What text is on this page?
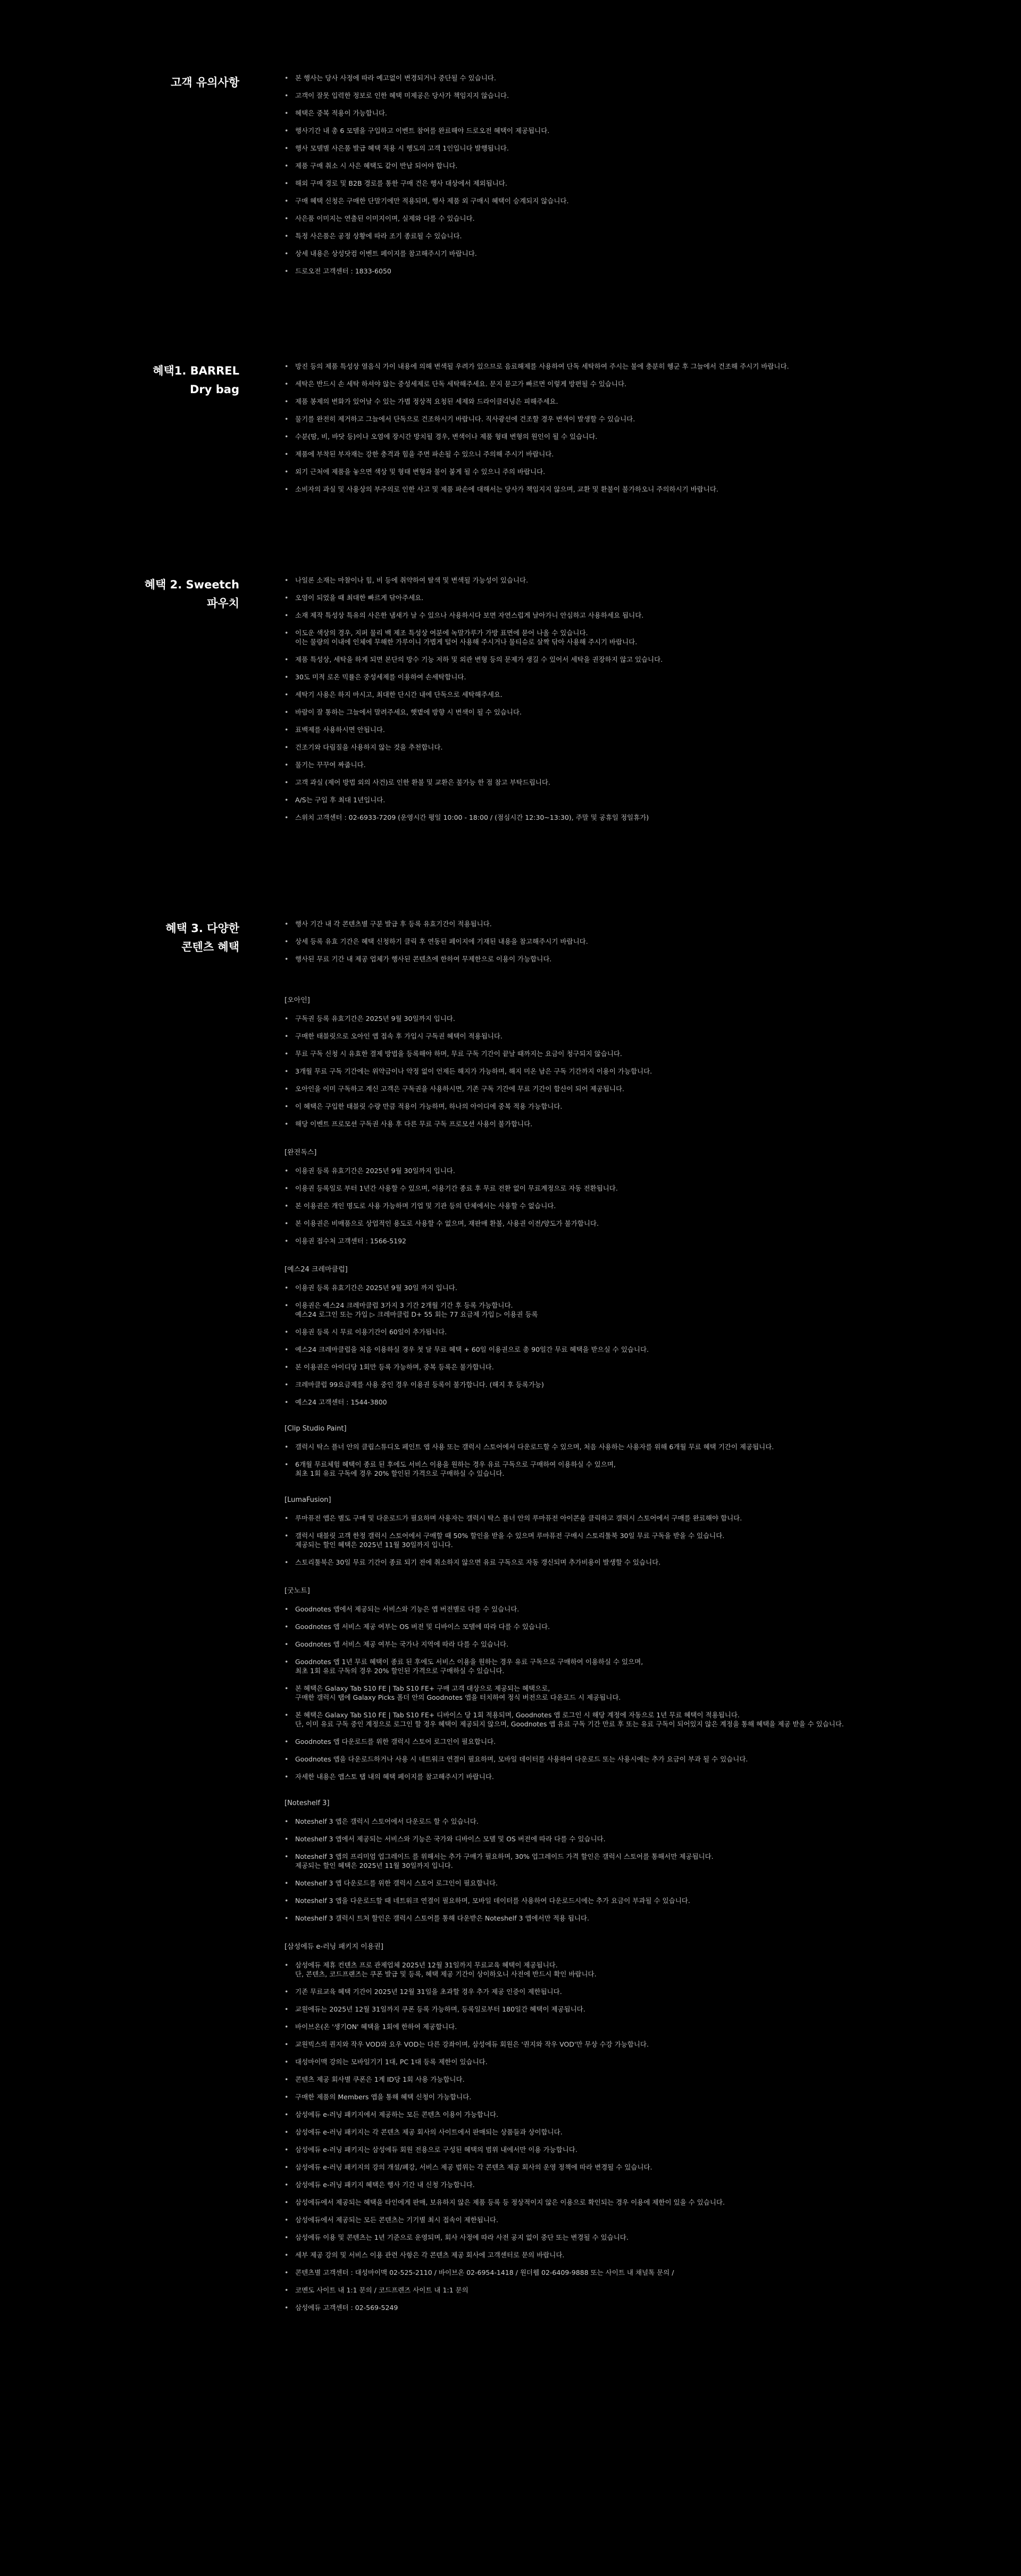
고객 유의사항
•	본 행사는 당사 사정에 따라 예고없이 변경되거나 중단될 수 있습니다.
• 고객이 잘못 입력한 정보로 인한 혜택 미제공은 당사가 책임지지 않습니다.
• 혜택은 중복 적용이 가능합니다.
• 행사기간 내 총 6 모델을 구입하고 이벤트 참여를 완료해야 드로오전 혜택이 제공됩니다.
• 행사 모델별 사은품 발급 혜택 적용 시 행도의 고객 1인입니다 발행됩니다.
• 제품 구매 취소 시 사은 혜택도 같이 반납 되어야 합니다.
• 해외 구매 경로 및 B2B 경로를 통한 구매 건은 행사 대상에서 제외됩니다.
• 구매 혜택 신청은 구매한 단말기에만 적용되며, 행사 제품 외 구매시 혜택이 승계되지 않습니다.
• 사은품 이미지는 연출된 이미지이며, 실제와 다를 수 있습니다.
• 특정 사은품은 공정 상황에 따라 조기 종료될 수 있습니다.
• 상세 내용은 상성닷컴 이벤트 페이지를 참고해주시기 바랍니다.
• 드로오전 고객센터 : 1833-6050
혜택1. BARREL
Dry bag
• 방진 등의 제품 특성상 열음식 가이 내용에 의해 변색될 우려가 있으므로 음료해제를 사용하여 단독 세탁하여 주시는 불에 충분히 헹군 후 그늘에서 건조해 주시기 바랍니다.
• 세탁은 반드시 손 세탁 하셔야 않는 중성세제로 단독 세탁해주세요. 문지 묻고가 빠르면 이렇게 방편될 수 있습니다.
• 제품 봉제의 변화가 있어날 수 있는 가볍 정상적 요청된 세제와 드라이클리닝은 피해주세요.
• 물기를 완전히 제거하고 그늘에서 단독으로 건조하시기 바랍니다. 직사광선에 건조할 경우 변색이 발생할 수 있습니다.
• 수분(땀, 비, 바닷 등)이나 오염에 장시간 방치될 경우, 변색이나 제품 형태 변형의 원인이 될 수 있습니다.
• 제품에 부착된 부자재는 강한 충격과 힘을 주면 파손될 수 있으니 주의해 주시기 바랍니다.
• 외기 근처에 제품을 놓으면 색상 및 형태 변형과 불이 붙게 될 수 있으니 주의 바랍니다.
• 소비자의 과실 및 사용상의 부주의로 인한 사고 및 제품 파손에 대해서는 당사가 책임지지 않으며, 교환 및 환불이 불가하오니 주의하시기 바랍니다.
혜택 2. Sweetch
파우치
• 나일론 소재는 마찰이나 힘, 비 등에 취약하여 탈색 및 변색될 가능성이 있습니다.
• 오염이 되었을 때 최대한 빠르게 닦아주세요.
• 소재 제작 특성상 특유의 사은한 냄새가 날 수 있으나 사용하시다 보면 자연스럽게 날아가니 안심하고 사용하세요 됩니다.
• 이도운 색상의 경우, 지퍼 물리 백 제조 특성상 여분에 녹말가루가 가방 표면에 묻어 나올 수 있습니다.
이는 물량의 이내에 인체에 무해한 가루이니 가볍게 털어 사용해 주시거나 물티슈로 살짝 닦아 사용해 주시기 바랍니다.
• 제품 특성상, 세탁을 하게 되면 본단의 방수 기능 저하 및 외관 변형 등의 문제가 생길 수 있어서 세탁을 권장하지 않고 있습니다.
• 30도 미적 로온 믹률은 중성세제를 이용하여 손세탁합니다.
• 세탁기 사용은 하지 마시고, 최대한 단시간 내에 단독으로 세탁해주세요.
• 바람이 잘 통하는 그늘에서 말려주세요, 햇볕에 방향 시 변색이 될 수 있습니다.
• 표백제를 사용하시면 안됩니다.
• 건조기와 다림질을 사용하지 않는 것을 추천합니다.
• 물기는 꾸꾸여 짜줍니다.
• 고객 과실 (제어 방법 외의 사건)로 인한 환불 및 교환은 불가능 한 점 참고 부탁드립니다.
• A/S는 구입 후 최대 1년입니다.
• 스위치 고객센터 : 02-6933-7209 (운영시간 평일 10:00 - 18:00 / (점심시간 12:30~13:30), 주말 및 공휴일 정일휴가)
혜택 3. 다양한
콘텐츠 혜택
• 행사 기간 내 각 콘텐츠별 구분 발급 후 등록 유효기간이 적용됩니다.
• 상세 등록 유효 기간은 혜택 신청하기 클릭 후 연동된 페이지에 기재된 내용을 참고해주시기 바랍니다.
• 행사된 무료 기간 내 제공 업체가 행사된 콘텐츠에 한하여 무제한으로 이용이 가능합니다.
[오아인]
• 구독권 등록 유효기간은 2025년 9월 30일까지 입니다.
• 구매한 태블릿으로 오아인 앱 접속 후 가입시 구독권 혜택이 적용됩니다.
• 무료 구독 신청 시 유효한 결제 방법을 등록해야 하며, 무료 구독 기간이 끝날 때까지는 요금이 청구되지 않습니다.
• 3개월 무료 구독 기간에는 위약금이나 약정 없이 언제든 해지가 가능하며, 해지 미온 남은 구독 기간까지 이용이 가능합니다.
• 오아인을 이미 구독하고 계신 고객은 구독권을 사용하시면, 기존 구독 기간에 무료 기간이 합산이 되어 제공됩니다.
• 이 혜택은 구입한 태블릿 수량 만큼 적용이 가능하며, 하나의 아이디에 중복 적용 가능합니다.
• 해당 이벤트 프로모션 구독권 사용 후 다른 무료 구독 프로모션 사용이 불가합니다.
[완전독스]
• 이용권 등록 유효기간은 2025년 9월 30일까지 입니다.
• 이용권 등록일로 부터 1년간 사용할 수 있으며, 이용기간 종료 후 무료 전환 없이 무료계정으로 자동 전환됩니다.
• 본 이용권은 개인 명도로 사용 가능하며 기업 및 기관 등의 단체에서는 사용할 수 없습니다.
• 본 이용권은 비매품으로 상업적인 용도로 사용할 수 없으며, 재판매 환불, 사용권 이전/양도가 불가합니다.
• 이용권 접수처 고객센터 : 1566-5192
[예스24 크레마클럽]
• 이용권 등록 유효기간은 2025년 9월 30일 까지 입니다.
• 이용권은 예스24 크레마클럽 3가지 3 기간 2개월 기간 후 등록 가능합니다.
예스24 로그인 또는 가입 ▷ 크레마클럽 D+ 55 회는 77 요금제 가입 ▷ 이용권 등록
• 이용권 등록 시 무료 이용기간이 60일이 추가됩니다.
• 예스24 크레마클럽을 처음 이용하실 경우 첫 달 무료 혜택 + 60일 이용권으로 총 90일간 무료 혜택을 받으실 수 있습니다.
• 본 이용권은 아이디당 1회만 등록 가능하며, 중복 등록은 불가합니다.
• 크레마클럽 99요금제를 사용 중인 경우 이용권 등록이 불가합니다. (해지 후 등록가능)
• 예스24 고객센터 : 1544-3800
[Clip Studio Paint]
• 갤럭시 탁스 플너 안의 클립스튜디오 페인트 앱 사용 또는 갤럭시 스토어에서 다운로드할 수 있으며, 처음 사용하는 사용자를 위해 6개월 무료 혜택 기간이 제공됩니다.
• 6개월 무료체험 혜택이 종료 된 후에도 서비스 이용을 원하는 경우 유료 구독으로 구매하여 이용하실 수 있으며,
최초 1회 유료 구독에 경우 20% 할인된 가격으로 구매하실 수 있습니다.
[LumaFusion]
• 루마퓨전 앱은 별도 구매 및 다운로드가 필요하며 사용자는 갤럭시 탁스 플너 안의 루마퓨전 아이콘을 클릭하고 갤럭시 스토어에서 구매를 완료해야 합니다.
• 갤럭시 태블릿 고객 한정 갤럭시 스토어에서 구매할 때 50% 할인을 받을 수 있으며 루마퓨전 구매시 스토리툴북 30일 무료 구독을 받을 수 있습니다.
제공되는 할인 혜택은 2025년 11월 30일까지 입니다.
• 스토리툴북은 30일 무료 기간이 종료 되기 전에 취소하지 않으면 유료 구독으로 자동 갱신되며 추가비용이 발생할 수 있습니다.
[굿노트]
• Goodnotes 앱에서 제공되는 서비스와 기능은 앱 버전별로 다를 수 있습니다.
• Goodnotes 앱 서비스 제공 여부는 OS 버전 및 디바이스 모델에 따라 다를 수 있습니다.
• Goodnotes 앱 서비스 제공 여부는 국가나 지역에 따라 다를 수 있습니다.
• Goodnotes 앱 1년 무료 혜택이 종료 된 후에도 서비스 이용을 원하는 경우 유료 구독으로 구매하여 이용하실 수 있으며,
최초 1회 유료 구독의 경우 20% 할인된 가격으로 구매하실 수 있습니다.
• 본 혜택은 Galaxy Tab S10 FE | Tab S10 FE+ 구매 고객 대상으로 제공되는 혜택으로,
구매한 갤럭시 탭에 Galaxy Picks 폴더 안의 Goodnotes 앱을 터치하여 정식 버전으로 다운로드 시 제공됩니다.
• 본 혜택은 Galaxy Tab S10 FE | Tab S10 FE+ 디바이스 당 1회 적용되며, Goodnotes 앱 로그인 시 해당 계정에 자동으로 1년 무료 혜택이 적용됩니다.
단, 이미 유료 구독 중인 계정으로 로그인 할 경우 혜택이 제공되지 않으며, Goodnotes 앱 유료 구독 기간 만료 후 또는 유료 구독이 되어있지 않은 계정을 통해 혜택을 제공 받을 수 있습니다.
• Goodnotes 앱 다운로드를 위한 갤럭시 스토어 로그인이 필요합니다.
• Goodnotes 앱을 다운로드하거나 사용 시 네트워크 연결이 필요하며, 모바일 데이터를 사용하여 다운로드 또는 사용시에는 추가 요금이 부과 될 수 있습니다.
• 자세한 내용은 앱스토 탭 내의 혜택 페이지를 참고해주시기 바랍니다.
[Noteshelf 3]
• Noteshelf 3 앱은 갤럭시 스토어에서 다운로드 할 수 있습니다.
• Noteshelf 3 앱에서 제공되는 서비스와 기능은 국가와 디바이스 모델 및 OS 버전에 따라 다를 수 있습니다.
• Noteshelf 3 앱의 프리미엄 업그레이드 를 위해서는 추가 구매가 필요하며, 30% 업그레이드 가격 할인은 갤럭시 스토어를 통해서만 제공됩니다.
제공되는 할인 혜택은 2025년 11월 30일까지 입니다.
• Noteshelf 3 앱 다운로드를 위한 갤럭시 스토어 로그인이 필요합니다.
• Noteshelf 3 앱을 다운로드할 때 네트워크 연결이 필요하며, 모바일 데이터를 사용하여 다운로드시에는 추가 요금이 부과될 수 있습니다.
• Noteshelf 3 갤럭시 트처 할인은 갤럭시 스토어를 통해 다운받은 Noteshelf 3 앱에서만 적용 됩니다.
[삼성에듀 e-러닝 패키지 이용권]
• 삼성에듀 제휴 컨텐츠 프로 관제업체 2025년 12월 31일까지 무료교육 혜택이 제공됩니다.
단, 콘텐츠, 코드프랜즈는 쿠폰 발급 및 등록, 혜택 제공 기간이 상이하오니 사전에 반드시 확인 바랍니다.
• 기존 무료교육 혜택 기간이 2025년 12월 31일을 초과할 경우 추가 제공 인증이 제한됩니다.
• 교원에듀는 2025년 12월 31일까지 쿠폰 등록 가능하며, 등록일로부터 180일간 혜택이 제공됩니다.
• 바이브온(온 '생기ON' 혜택을 1회에 한하여 제공합니다.
• 교원빅스의 퀀지와 작우 VOD와 요우 VOD는 다른 강좌이며, 삼성에듀 회원은 '퀀지와 작우 VOD'만 무상 수강 가능합니다.
• 대성마이맥 강의는 모바일기기 1대, PC 1대 등록 제한이 있습니다.
• 콘텐츠 제공 회사별 쿠폰은 1계 ID당 1회 사용 가능합니다.
• 구매한 제품의 Members 앱을 통해 혜택 신청이 가능합니다.
• 삼성에듀 e-러닝 패키지에서 제공하는 모든 콘텐츠 이용이 가능합니다.
• 삼성에듀 e-러닝 패키지는 각 콘텐츠 제공 회사의 사이트에서 판매되는 상품들과 상이합니다.
• 삼성에듀 e-러닝 패키지는 삼성에듀 회원 전용으로 구성된 혜택의 범위 내에서만 이용 가능합니다.
• 삼성에듀 e-러닝 패키지의 강의 개설/폐강, 서비스 제공 범위는 각 콘텐츠 제공 회사의 운영 정책에 따라 변경될 수 있습니다.
• 삼성에듀 e-러닝 패키지 혜택은 행사 기간 내 신청 가능합니다.
• 삼성에듀에서 제공되는 혜택을 타인에게 판매, 보유하지 않은 제품 등록 등 정상적이지 않은 이용으로 확인되는 경우 이용에 제한이 있을 수 있습니다.
• 삼성에듀에서 제공되는 모든 콘텐츠는 기기별 최시 접속이 제한됩니다.
• 삼성에듀 이용 및 콘텐츠는 1년 기준으로 운영되며, 회사 사정에 따라 사전 공지 없이 중단 또는 변경될 수 있습니다.
• 세부 제공 강의 및 서비스 이용 관련 사항은 각 콘텐츠 제공 회사에 고객센터로 문의 바랍니다.
• 콘텐츠별 고객센터 : 대성마이맥 02-525-2110 / 바이브온 02-6954-1418 / 원더웹 02-6409-9888 또는 사이트 내 채널톡 문의 /
• 코멘도 사이트 내 1:1 문의 / 코드프렌즈 사이트 내 1:1 문의
• 삼성에듀 고객센터 : 02-569-5249
